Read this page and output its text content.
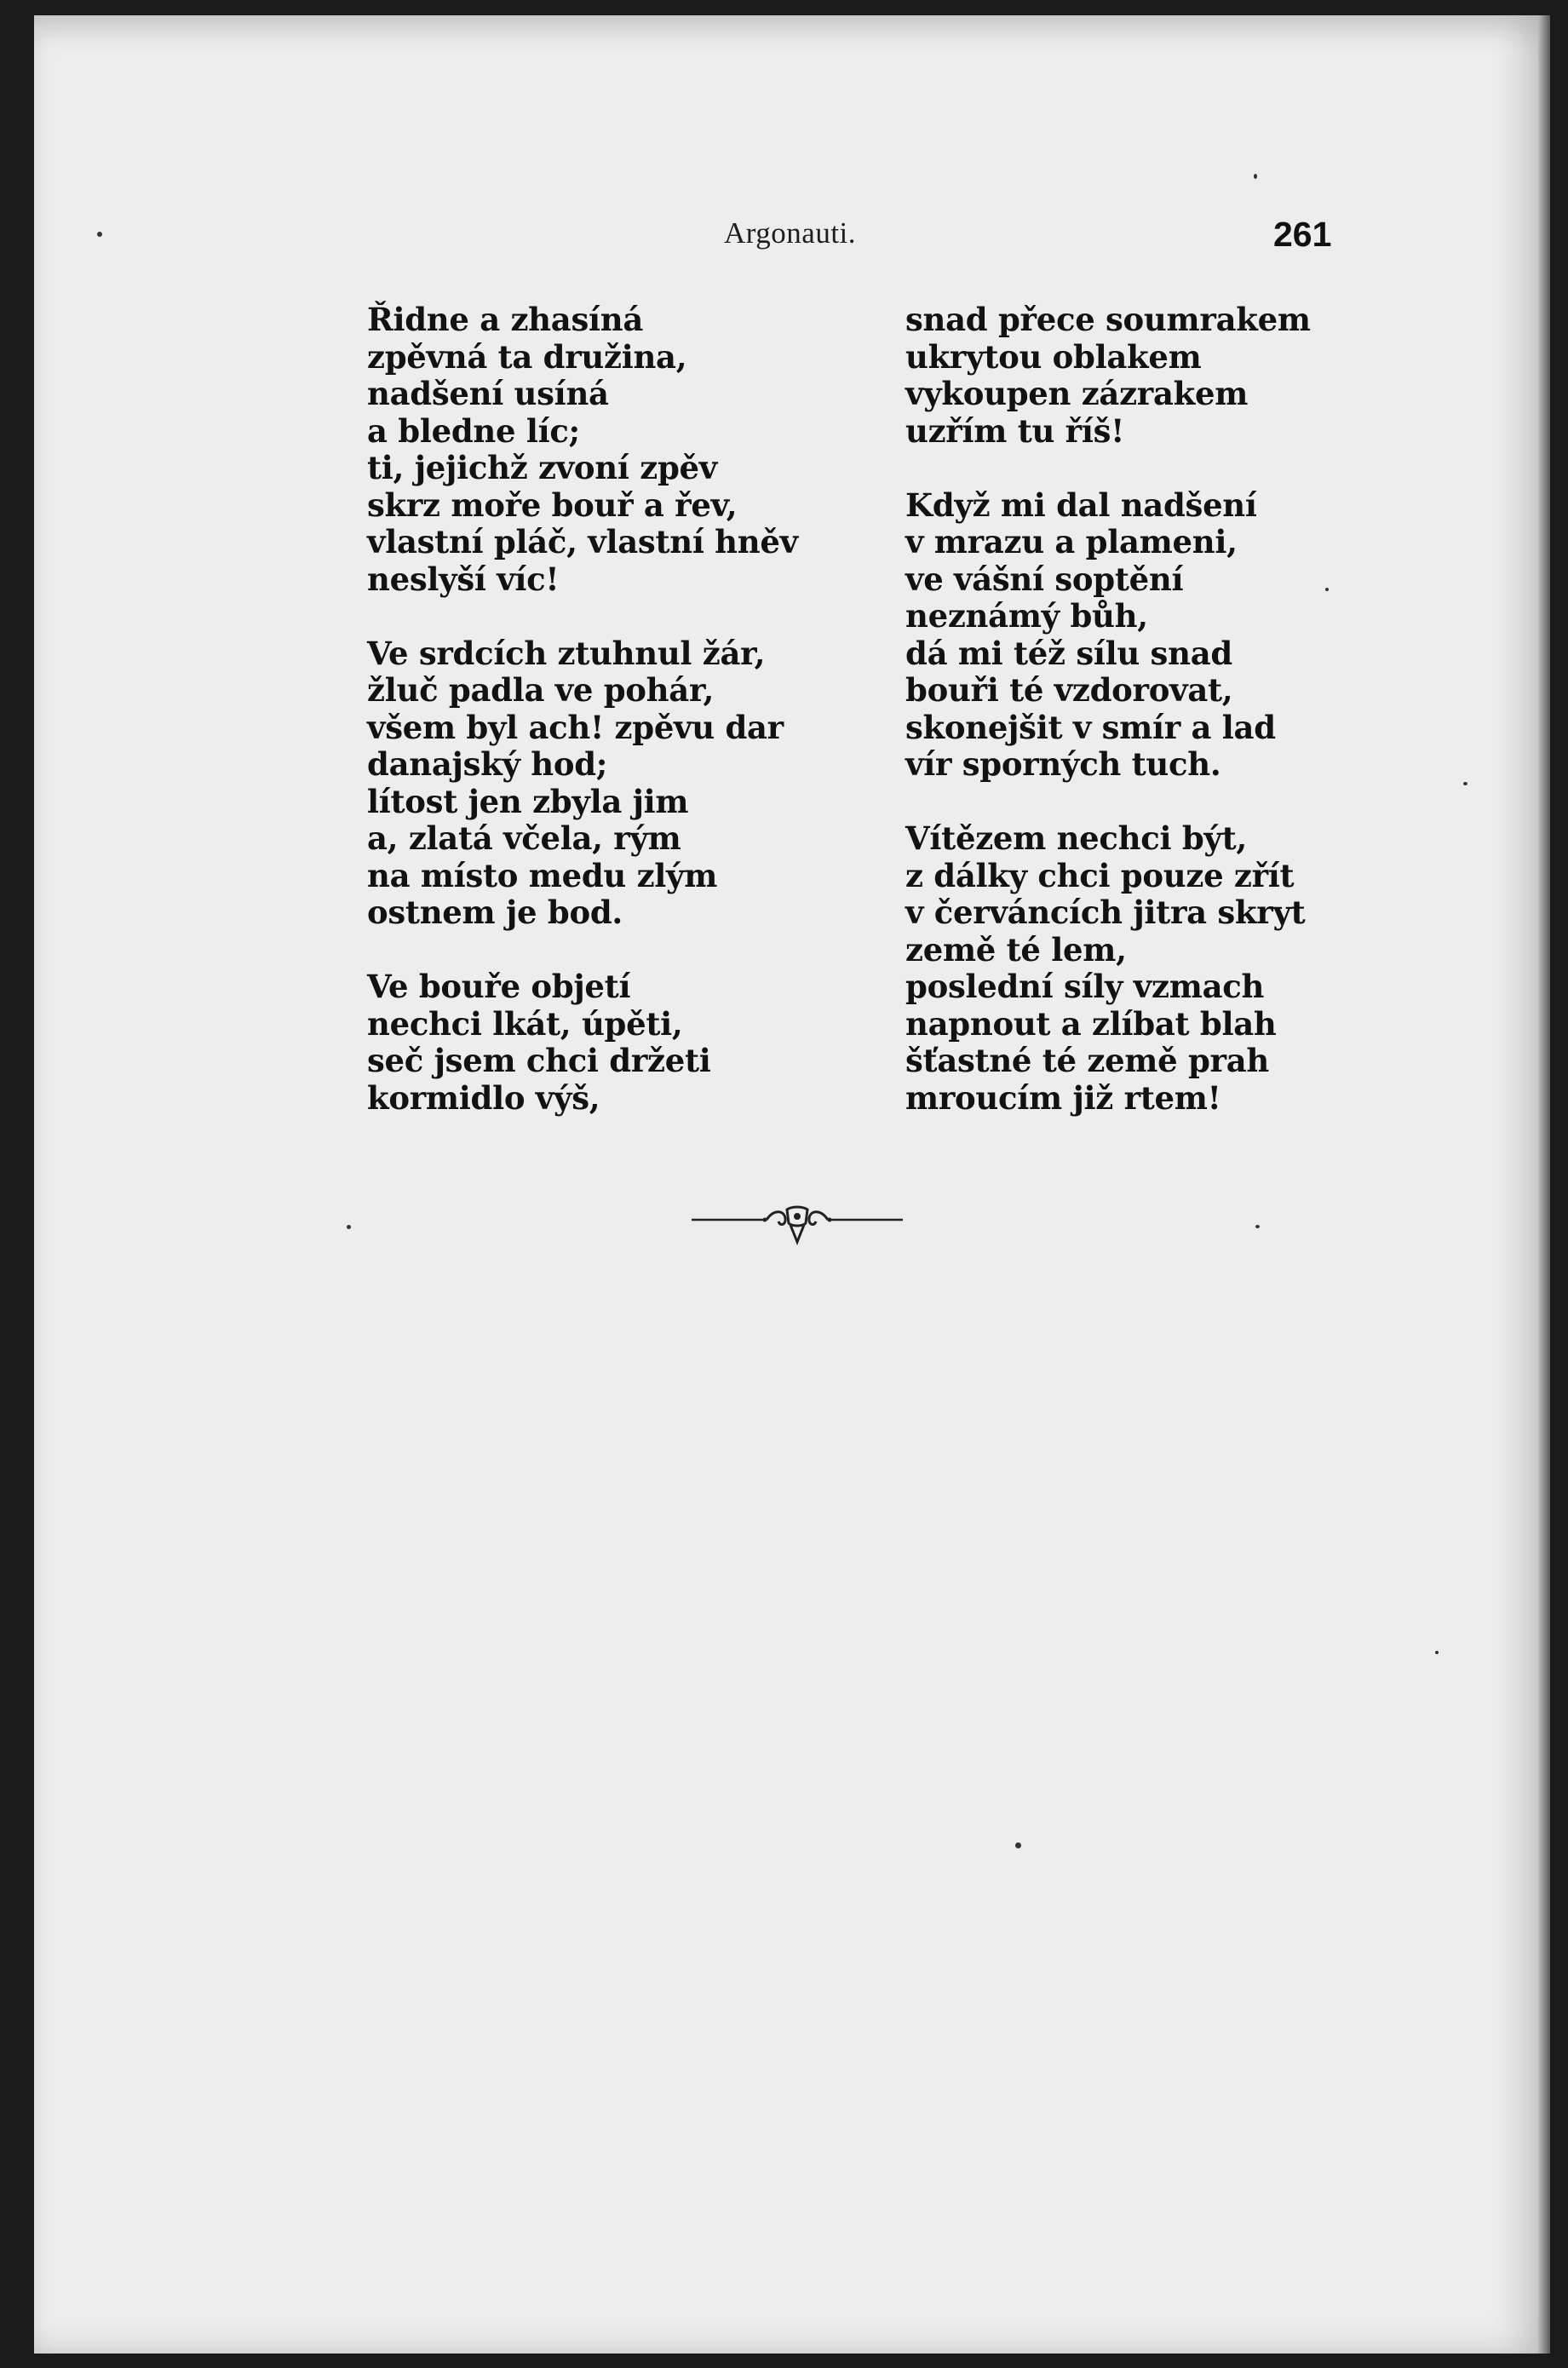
Argonauti.	261
Řidne a zhasíná
zpěvná ta družina,
nadšení usíná
a bledne líc;
ti, jejichž zvoní zpěv
skrz moře bouř a řev,
vlastní pláč, vlastní hněv
neslyší víc!
Ve srdcích ztuhnul žár,
žluč padla ve pohár,
všem byl ach! zpěvu dar
danajský hod;
lítost jen zbyla jim
a, zlatá včela, rým
na místo medu zlým
ostnem je bod.
Ve bouře objetí
nechci lkát, úpěti,
seč jsem chci držeti
kormidlo výš,
snad přece soumrakem
ukrytou oblakem
vykoupen zázrakem
uzřím tu říš!
Když mi dal nadšení
v mrazu a plameni,
ve vášní soptění
neznámý bůh,
dá mi též sílu snad
bouři té vzdorovat,
skonejšit v smír a lad
vír sporných tuch.
Vítězem nechci být,
z dálky chci pouze zřít
v červáncích jitra skryt
země té lem,
poslední síly vzmach
napnout a zlíbat blah
šťastné té země prah
mroucím již rtem!
